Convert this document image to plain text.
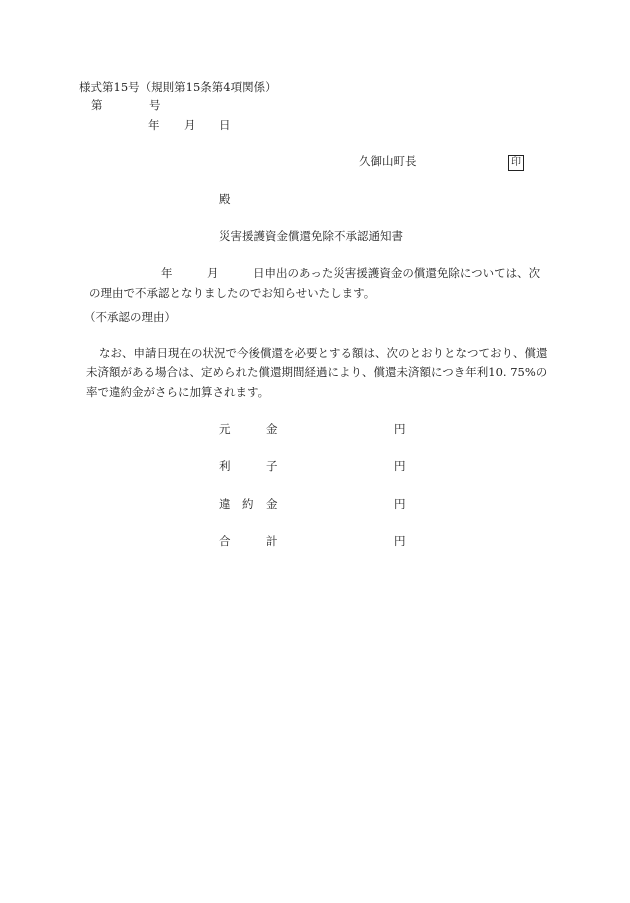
様式第15号（規則第15条第4項関係）
第	号
年 月 日
久御山町長	印
殿
災害援護資金償還免除不承認通知書
年	月	日申出のあった災害援護資金の償還免除については、次
の理由で不承認となりましたのでお知らせいたします。
（不承認の理由）
なお、申請日現在の状況で今後償還を必要とする額は、次のとおりとなつており、償還
未済額がある場合は、定められた償還期間経過により、償還未済額につき年利10. 75%の
率で違約金がさらに加算されます。
元	金	円
利	子	円
違 約 金	円
合	計	円
